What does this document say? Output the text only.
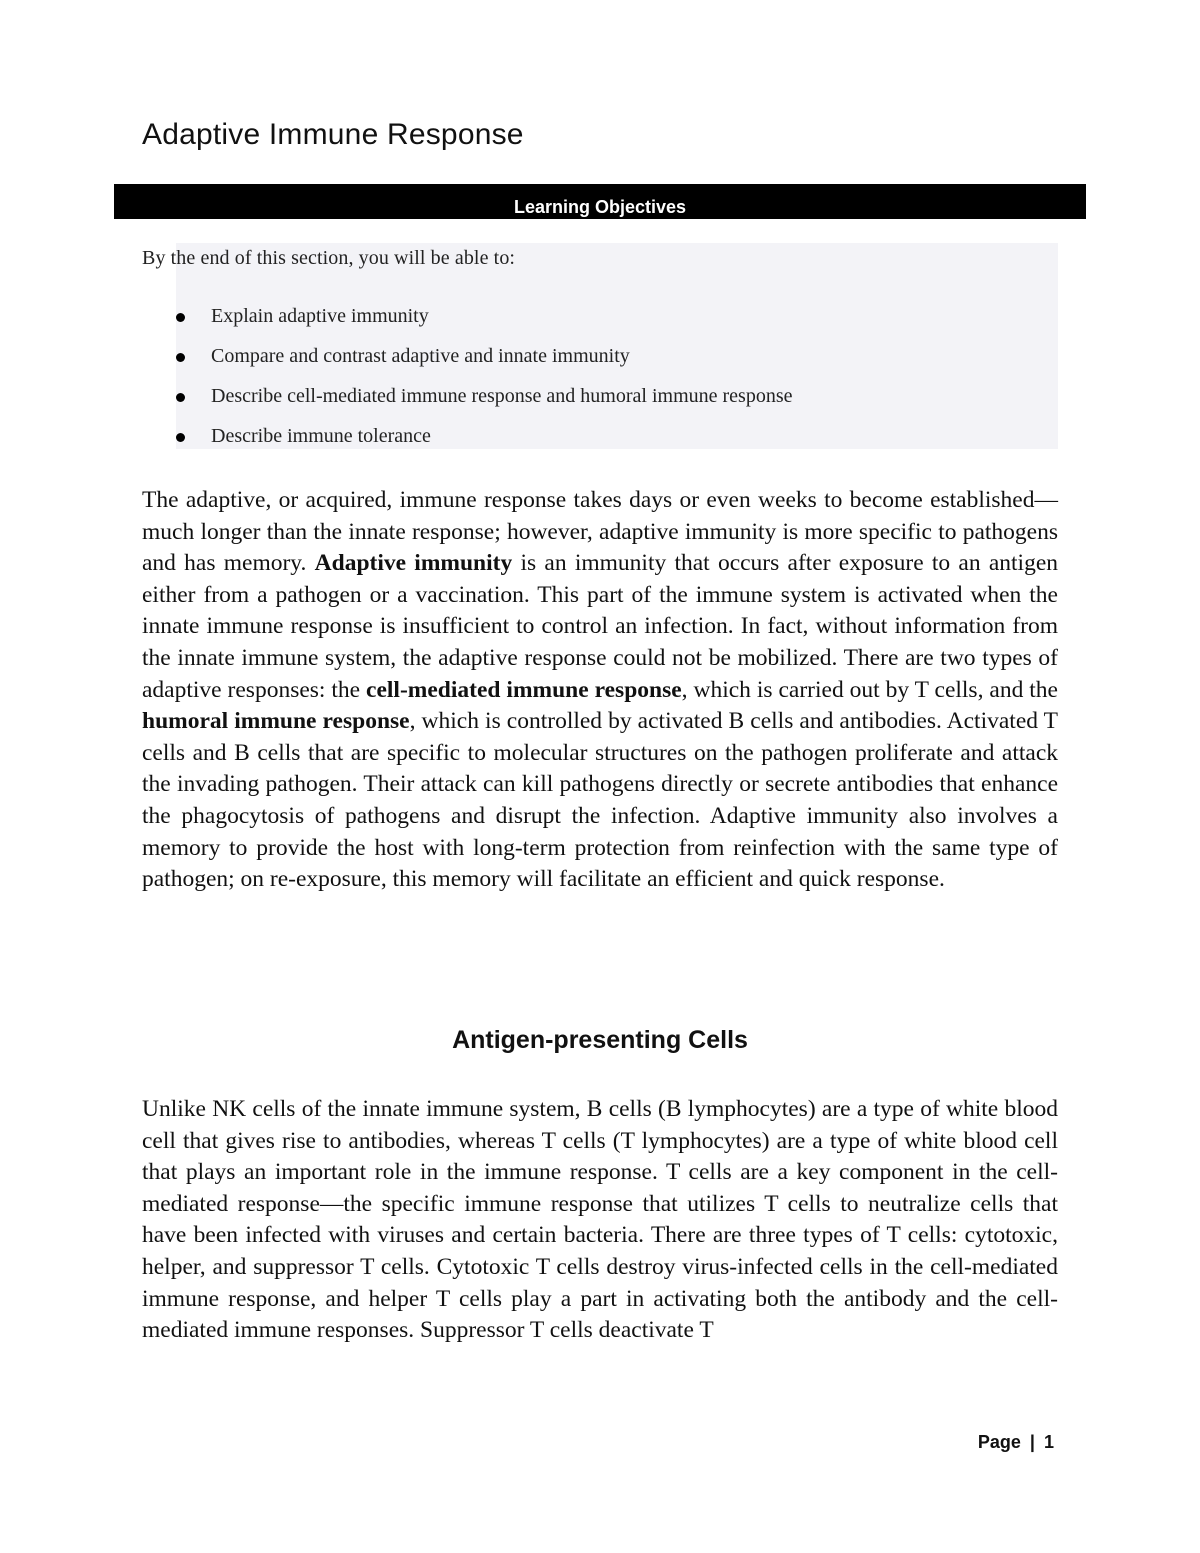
Adaptive Immune Response
Learning Objectives
By the end of this section, you will be able to:
Explain adaptive immunity
Compare and contrast adaptive and innate immunity
Describe cell-mediated immune response and humoral immune response
Describe immune tolerance

The adaptive, or acquired, immune response takes days or even weeks to become established—much longer than the innate response; however, adaptive immunity is more specific to pathogens and has memory. Adaptive immunity is an immunity that occurs after exposure to an antigen either from a pathogen or a vaccination. This part of the immune system is activated when the innate immune response is insufficient to control an infection. In fact, without information from the innate immune system, the adaptive response could not be mobilized. There are two types of adaptive responses: the cell-mediated immune response, which is carried out by T cells, and the humoral immune response, which is controlled by activated B cells and antibodies. Activated T cells and B cells that are specific to molecular structures on the pathogen proliferate and attack the invading pathogen. Their attack can kill pathogens directly or secrete antibodies that enhance the phagocytosis of pathogens and disrupt the infection. Adaptive immunity also involves a memory to provide the host with long-term protection from reinfection with the same type of pathogen; on re-exposure, this memory will facilitate an efficient and quick response.

Antigen-presenting Cells

Unlike NK cells of the innate immune system, B cells (B lymphocytes) are a type of white blood cell that gives rise to antibodies, whereas T cells (T lymphocytes) are a type of white blood cell that plays an important role in the immune response. T cells are a key component in the cell-mediated response—the specific immune response that utilizes T cells to neutralize cells that have been infected with viruses and certain bacteria. There are three types of T cells: cytotoxic, helper, and suppressor T cells. Cytotoxic T cells destroy virus-infected cells in the cell-mediated immune response, and helper T cells play a part in activating both the antibody and the cell-mediated immune responses. Suppressor T cells deactivate T

Page | 1
